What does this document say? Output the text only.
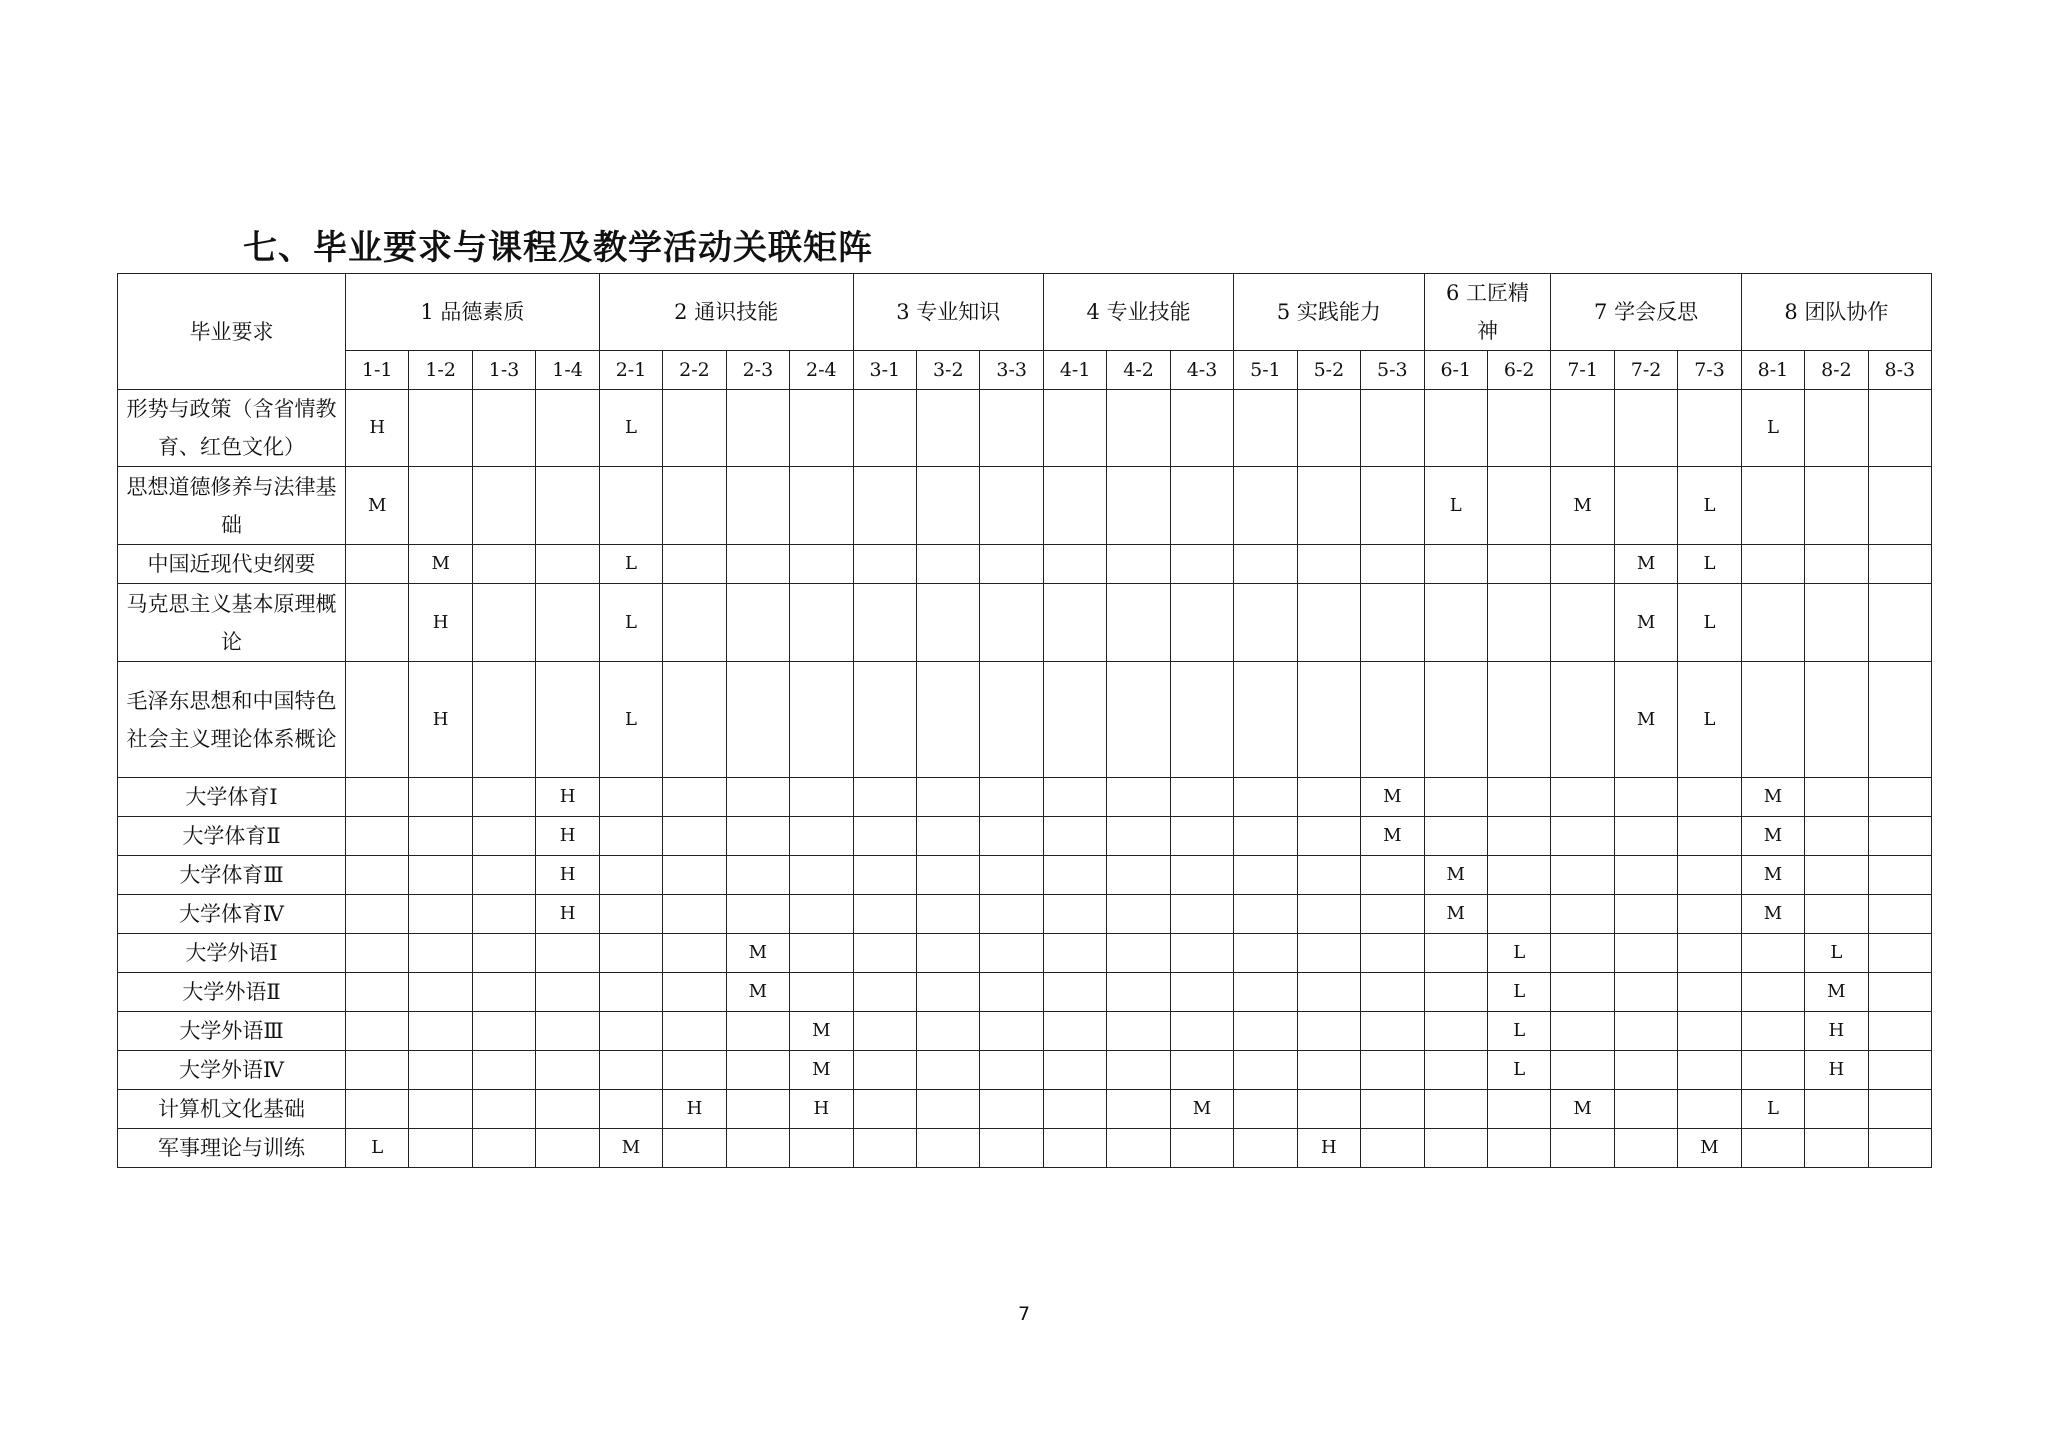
七、毕业要求与课程及教学活动关联矩阵
毕业要求	1 品德素质				2 通识技能				3 专业知识			4 专业技能			5 实践能力			6 工匠精神		7 学会反思			8 团队协作		
	1-1	1-2	1-3	1-4	2-1	2-2	2-3	2-4	3-1	3-2	3-3	4-1	4-2	4-3	5-1	5-2	5-3	6-1	6-2	7-1	7-2	7-3	8-1	8-2	8-3
形势与政策（含省情教育、红色文化）	H				L																		L		
思想道德修养与法律基础	M																	L		M		L			
中国近现代史纲要		M			L																M	L			
马克思主义基本原理概论		H			L																M	L			
毛泽东思想和中国特色社会主义理论体系概论		H			L																M	L			
大学体育Ⅰ				H													M						M		
大学体育Ⅱ				H													M						M		
大学体育Ⅲ				H														M					M		
大学体育Ⅳ				H														M					M		
大学外语Ⅰ							M												L					L	
大学外语Ⅱ							M												L					M	
大学外语Ⅲ								M											L					H	
大学外语Ⅳ								M											L					H	
计算机文化基础						H		H						M						M			L		
军事理论与训练	L				M											H						M			
7
